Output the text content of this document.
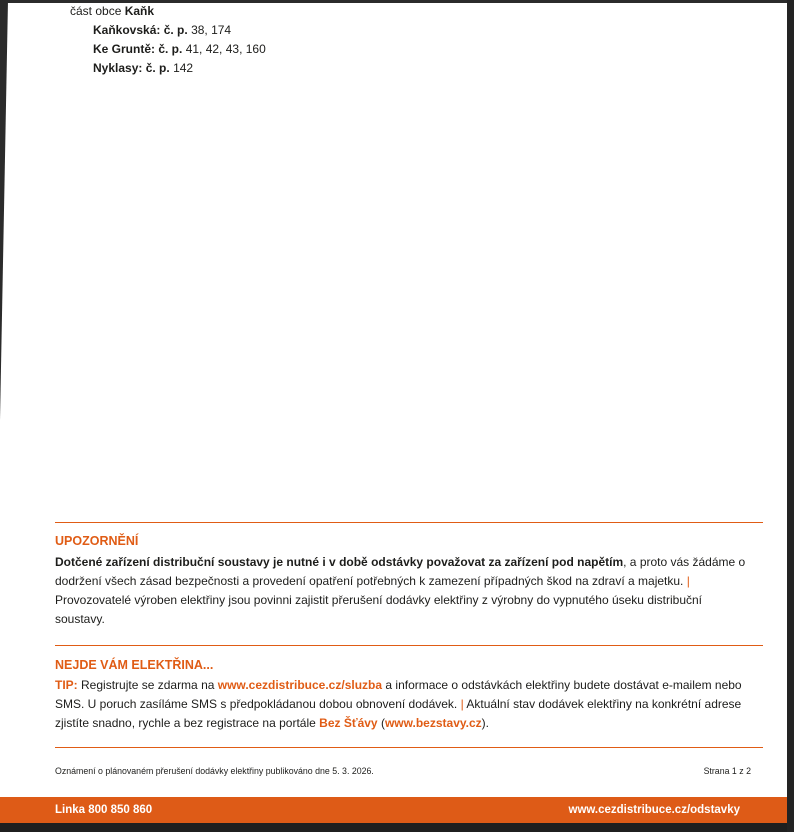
část obce Kaňk
Kaňkovská: č. p. 38, 174
Ke Gruntě: č. p. 41, 42, 43, 160
Nyklasy: č. p. 142
UPOZORNĚNÍ
Dotčené zařízení distribuční soustavy je nutné i v době odstávky považovat za zařízení pod napětím, a proto vás žádáme o dodržení všech zásad bezpečnosti a provedení opatření potřebných k zamezení případných škod na zdraví a majetku. | Provozovatelé výroben elektřiny jsou povinni zajistit přerušení dodávky elektřiny z výrobny do vypnutého úseku distribuční soustavy.
NEJDE VÁM ELEKTŘINA...
TIP: Registrujte se zdarma na www.cezdistribuce.cz/sluzba a informace o odstávkách elektřiny budete dostávat e-mailem nebo SMS. U poruch zasíláme SMS s předpokládanou dobou obnovení dodávek. | Aktuální stav dodávek elektřiny na konkrétní adrese zjistíte snadno, rychle a bez registrace na portále Bez Šťávy (www.bezstavy.cz).
Oznámení o plánovaném přerušení dodávky elektřiny publikováno dne 5. 3. 2026.	Strana 1 z 2
Linka 800 850 860	www.cezdistribuce.cz/odstavky
